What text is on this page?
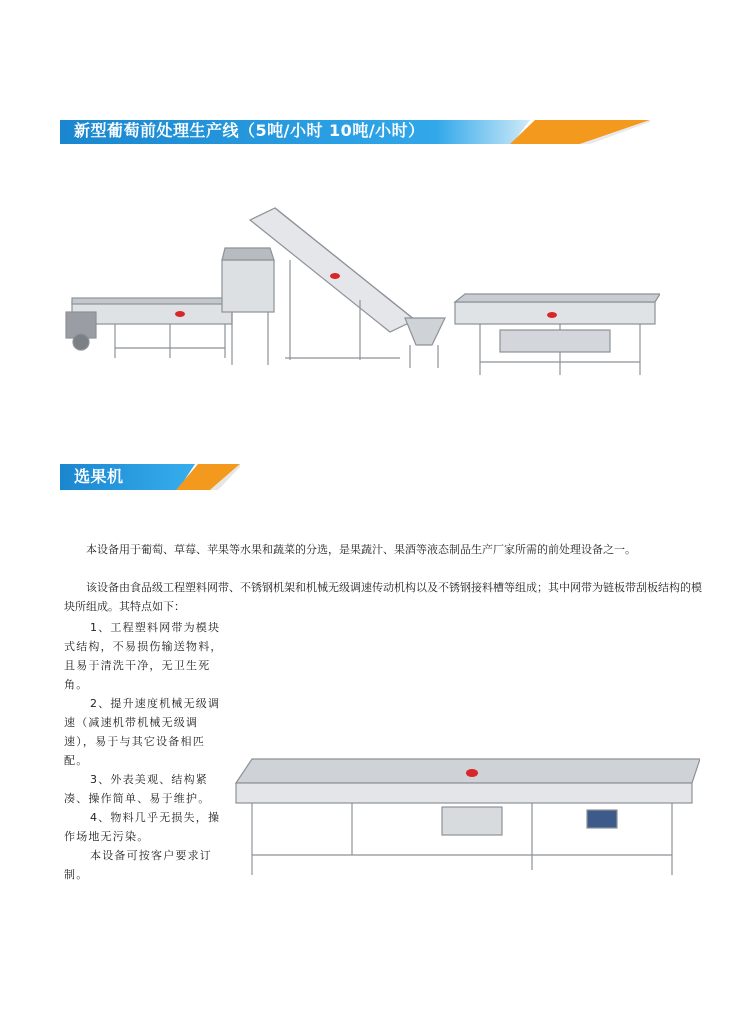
新型葡萄前处理生产线（5吨/小时 10吨/小时）
选果机

本设备用于葡萄、草莓、苹果等水果和蔬菜的分选，是果蔬汁、果酒等液态制品生产厂家所需的前处理设备之一。

该设备由食品级工程塑料网带、不锈钢机架和机械无级调速传动机构以及不锈钢接料槽等组成；其中网带为链板带刮板结构的模块所组成。其特点如下：

1、工程塑料网带为模块式结构，不易损伤输送物料，且易于清洗干净，无卫生死角。

2、提升速度机械无级调速（减速机带机械无级调速），易于与其它设备相匹配。

3、外表美观、结构紧凑、操作简单、易于维护。

4、物料几乎无损失，操作场地无污染。

本设备可按客户要求订制。
